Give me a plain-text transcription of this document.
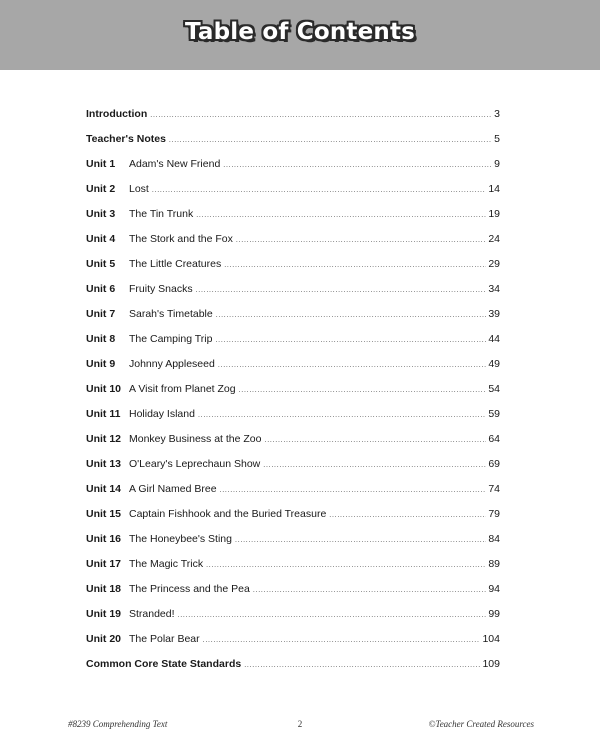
Table of Contents
Introduction . . .	3
Teacher's Notes . . .	5
Unit 1	Adam's New Friend . . .	9
Unit 2	Lost . . .	14
Unit 3	The Tin Trunk . . .	19
Unit 4	The Stork and the Fox . . .	24
Unit 5	The Little Creatures . . .	29
Unit 6	Fruity Snacks . . .	34
Unit 7	Sarah's Timetable . . .	39
Unit 8	The Camping Trip . . .	44
Unit 9	Johnny Appleseed . . .	49
Unit 10 A Visit from Planet Zog . . .	54
Unit 11 Holiday Island . . .	59
Unit 12 Monkey Business at the Zoo . . .	64
Unit 13 O'Leary's Leprechaun Show . . .	69
Unit 14 A Girl Named Bree . . .	74
Unit 15 Captain Fishhook and the Buried Treasure . . .	79
Unit 16 The Honeybee's Sting . . .	84
Unit 17 The Magic Trick . . .	89
Unit 18 The Princess and the Pea . . .	94
Unit 19 Stranded! . . .	99
Unit 20 The Polar Bear . . .	104
Common Core State Standards . . .	109
#8239 Comprehending Text	2	©Teacher Created Resources
